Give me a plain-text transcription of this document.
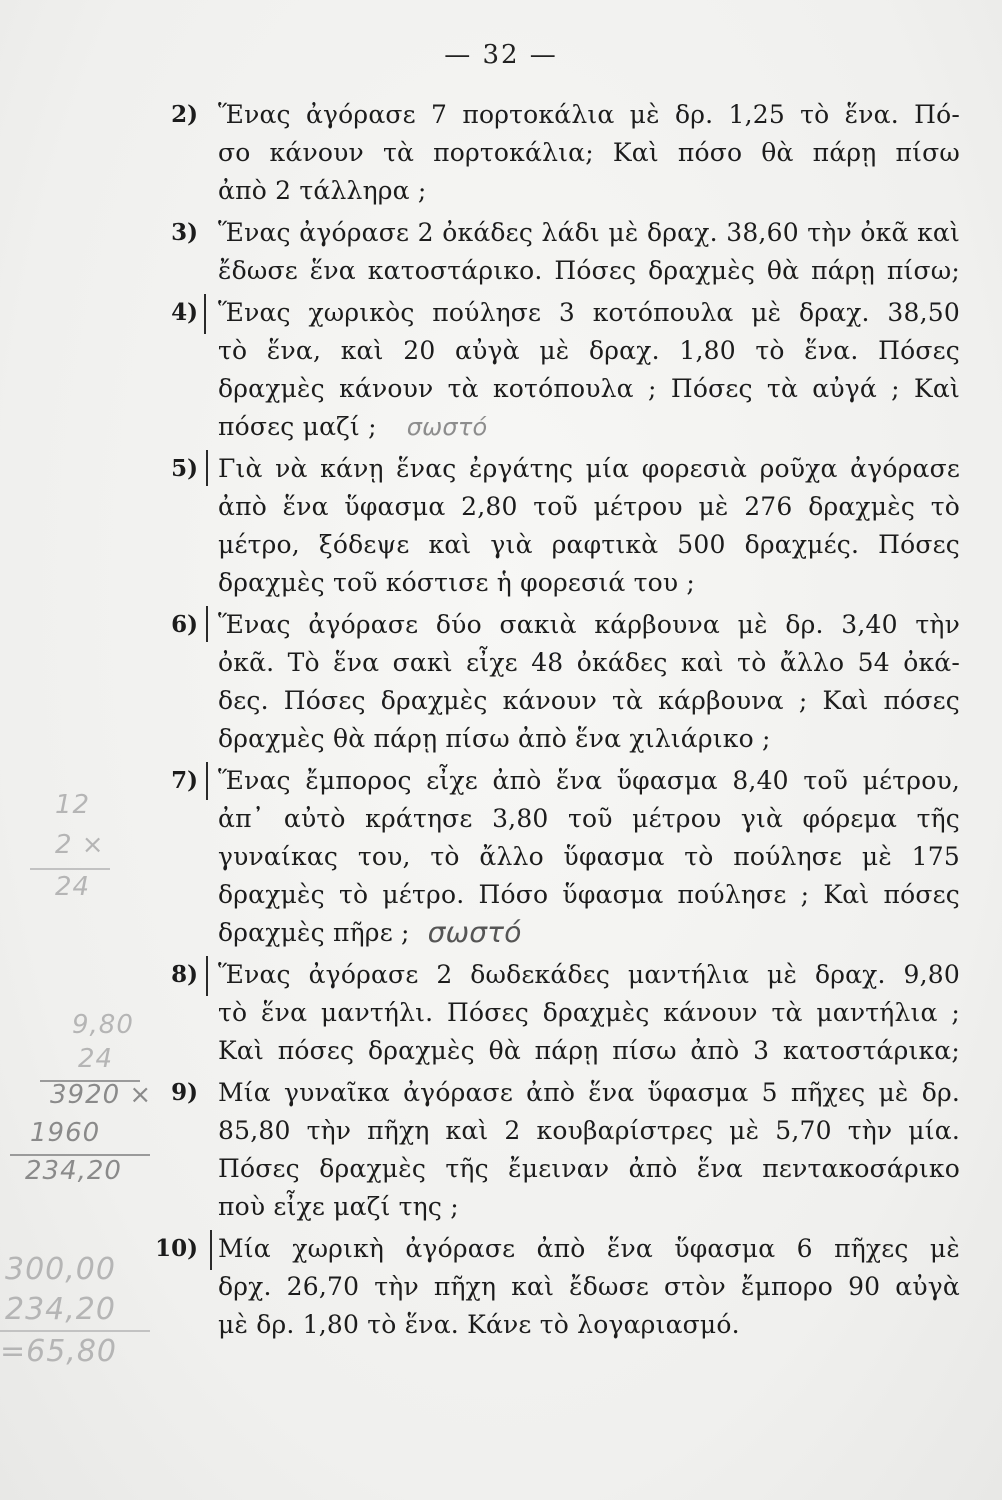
— 32 —
2) Ἕνας ἀγόρασε 7 πορτοκάλια μὲ δρ. 1,25 τὸ ἕνα. Πό-
σο κάνουν τὰ πορτοκάλια; Καὶ πόσο θὰ πάρῃ πίσω
ἀπὸ 2 τάλληρα ;
3) Ἕνας ἀγόρασε 2 ὀκάδες λάδι μὲ δραχ. 38,60 τὴν ὀκᾶ καὶ
ἔδωσε ἕνα κατοστάρικο. Πόσες δραχμὲς θὰ πάρῃ πίσω;
4) Ἕνας χωρικὸς πούλησε 3 κοτόπουλα μὲ δραχ. 38,50
τὸ ἕνα, καὶ 20 αὐγὰ μὲ δραχ. 1,80 τὸ ἕνα. Πόσες
δραχμὲς κάνουν τὰ κοτόπουλα ; Πόσες τὰ αὐγά ; Καὶ
πόσες μαζί ; σωστό
5) Γιὰ νὰ κάνῃ ἕνας ἐργάτης μία φορεσιὰ ροῦχα ἀγόρασε
ἀπὸ ἕνα ὕφασμα 2,80 τοῦ μέτρου μὲ 276 δραχμὲς τὸ
μέτρο, ξόδεψε καὶ γιὰ ραφτικὰ 500 δραχμές. Πόσες
δραχμὲς τοῦ κόστισε ἡ φορεσιά του ;
6) Ἕνας ἀγόρασε δύο σακιὰ κάρβουνα μὲ δρ. 3,40 τὴν
ὀκᾶ. Τὸ ἕνα σακὶ εἶχε 48 ὀκάδες καὶ τὸ ἄλλο 54 ὀκά-
δες. Πόσες δραχμὲς κάνουν τὰ κάρβουνα ; Καὶ πόσες
δραχμὲς θὰ πάρῃ πίσω ἀπὸ ἕνα χιλιάρικο ;
7) Ἕνας ἔμπορος εἶχε ἀπὸ ἕνα ὕφασμα 8,40 τοῦ μέτρου,
ἀπ᾽ αὐτὸ κράτησε 3,80 τοῦ μέτρου γιὰ φόρεμα τῆς
γυναίκας του, τὸ ἄλλο ὕφασμα τὸ πούλησε μὲ 175
δραχμὲς τὸ μέτρο. Πόσο ὕφασμα πούλησε ; Καὶ πόσες
δραχμὲς πῆρε ; σωστό
8) Ἕνας ἀγόρασε 2 δωδεκάδες μαντήλια μὲ δραχ. 9,80
τὸ ἕνα μαντήλι. Πόσες δραχμὲς κάνουν τὰ μαντήλια ;
Καὶ πόσες δραχμὲς θὰ πάρῃ πίσω ἀπὸ 3 κατοστάρικα;
9) Μία γυναῖκα ἀγόρασε ἀπὸ ἕνα ὕφασμα 5 πῆχες μὲ δρ.
85,80 τὴν πῆχη καὶ 2 κουβαρίστρες μὲ 5,70 τὴν μία.
Πόσες δραχμὲς τῆς ἔμειναν ἀπὸ ἕνα πεντακοσάρικο
ποὺ εἶχε μαζί της ;
10) Μία χωρικὴ ἀγόρασε ἀπὸ ἕνα ὕφασμα 6 πῆχες μὲ
δρχ. 26,70 τὴν πῆχη καὶ ἔδωσε στὸν ἔμπορο 90 αὐγὰ
μὲ δρ. 1,80 τὸ ἕνα. Κάνε τὸ λογαριασμό.
12
2 ×
24
9,80
24
3920 ×
1960
234,20
300,00
234,20
=65,80
